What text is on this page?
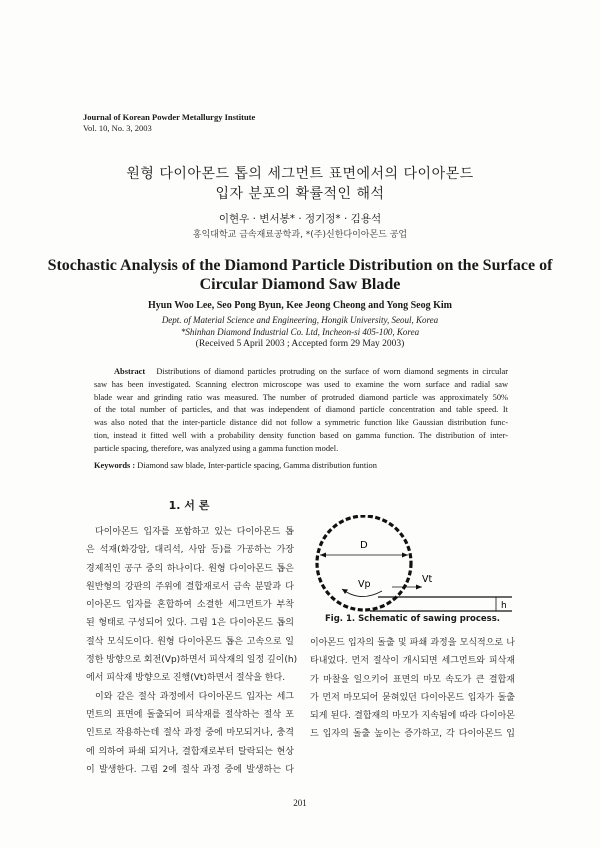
Journal of Korean Powder Metallurgy Institute
Vol. 10, No. 3, 2003
원형 다이아몬드 톱의 세그먼트 표면에서의 다이아몬드
입자 분포의 확률적인 해석
이현우 · 변서봉* · 정기정* · 김용석
홍익대학교 금속재료공학과, *(주)신한다이아몬드 공업
Stochastic Analysis of the Diamond Particle Distribution on the Surface of
Circular Diamond Saw Blade
Hyun Woo Lee, Seo Pong Byun, Kee Jeong Cheong and Yong Seog Kim
Dept. of Material Science and Engineering, Hongik University, Seoul, Korea
*Shinhan Diamond Industrial Co. Ltd, Incheon-si 405-100, Korea
(Received 5 April 2003 ; Accepted form 29 May 2003)
Abstract Distributions of diamond particles protruding on the surface of worn diamond segments in circular
saw has been investigated. Scanning electron microscope was used to examine the worn surface and radial saw
blade wear and grinding ratio was measured. The number of protruded diamond particle was approximately 50%
of the total number of particles, and that was independent of diamond particle concentration and table speed. It
was also noted that the inter-particle distance did not follow a symmetric function like Gaussian distribution func-
tion, instead it fitted well with a probability density function based on gamma function. The distribution of inter-
particle spacing, therefore, was analyzed using a gamma function model.
Keywords : Diamond saw blade, Inter-particle spacing, Gamma distribution funtion
1. 서 론
다이아몬드 입자를 포함하고 있는 다이아몬드 톱
은 석재(화강암, 대리석, 사암 등)를 가공하는 가장
경제적인 공구 중의 하나이다. 원형 다이아몬드 톱은
원반형의 강판의 주위에 결합재로서 금속 분말과 다
이아몬드 입자를 혼합하여 소결한 세그먼트가 부착
된 형태로 구성되어 있다. 그림 1은 다이아몬드 톱의
절삭 모식도이다. 원형 다이아몬드 톱은 고속으로 일
정한 방향으로 회전(Vp)하면서 피삭재의 일정 깊이(h)
에서 피삭재 방향으로 진행(Vt)하면서 절삭을 한다.
이와 같은 절삭 과정에서 다이아몬드 입자는 세그
먼트의 표면에 돌출되어 피삭재를 절삭하는 절삭 포
인트로 작용하는데 절삭 과정 중에 마모되거나, 충격
에 의하여 파쇄 되거나, 결합재로부터 탈락되는 현상
이 발생한다. 그림 2에 절삭 과정 중에 발생하는 다
D
Vp	Vt
h
Fig. 1. Schematic of sawing process.
이아몬드 입자의 돌출 및 파쇄 과정을 모식적으로 나
타내었다. 먼저 절삭이 개시되면 세그먼트와 피삭재
가 마찰을 일으키어 표면의 마모 속도가 큰 결합재
가 먼저 마모되어 묻혀있던 다이아몬드 입자가 돌출
되게 된다. 결합재의 마모가 지속됨에 따라 다이아몬
드 입자의 돌출 높이는 증가하고, 각 다이아몬드 입
201
